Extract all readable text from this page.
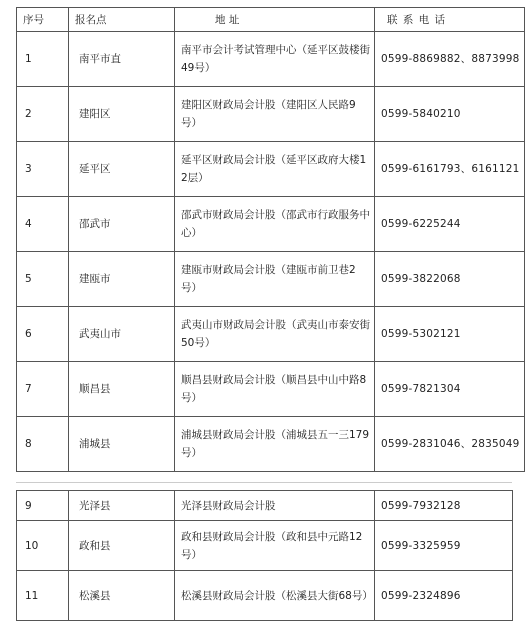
序号	报名点	地 址	联 系 电 话
1	南平市直	南平市会计考试管理中心（延平区鼓楼街49号）	0599-8869882、8873998
2	建阳区	建阳区财政局会计股（建阳区人民路9号）	0599-5840210
3	延平区	延平区财政局会计股（延平区政府大楼12层）	0599-6161793、6161121
4	邵武市	邵武市财政局会计股（邵武市行政服务中心）	0599-6225244
5	建瓯市	建瓯市财政局会计股（建瓯市前卫巷2号）	0599-3822068
6	武夷山市	武夷山市财政局会计股（武夷山市泰安街50号）	0599-5302121
7	顺昌县	顺昌县财政局会计股（顺昌县中山中路8号）	0599-7821304
8	浦城县	浦城县财政局会计股（浦城县五一三179号）	0599-2831046、2835049
9	光泽县	光泽县财政局会计股	0599-7932128
10	政和县	政和县财政局会计股（政和县中元路12号）	0599-3325959
11	松溪县	松溪县财政局会计股（松溪县大街68号）	0599-2324896
